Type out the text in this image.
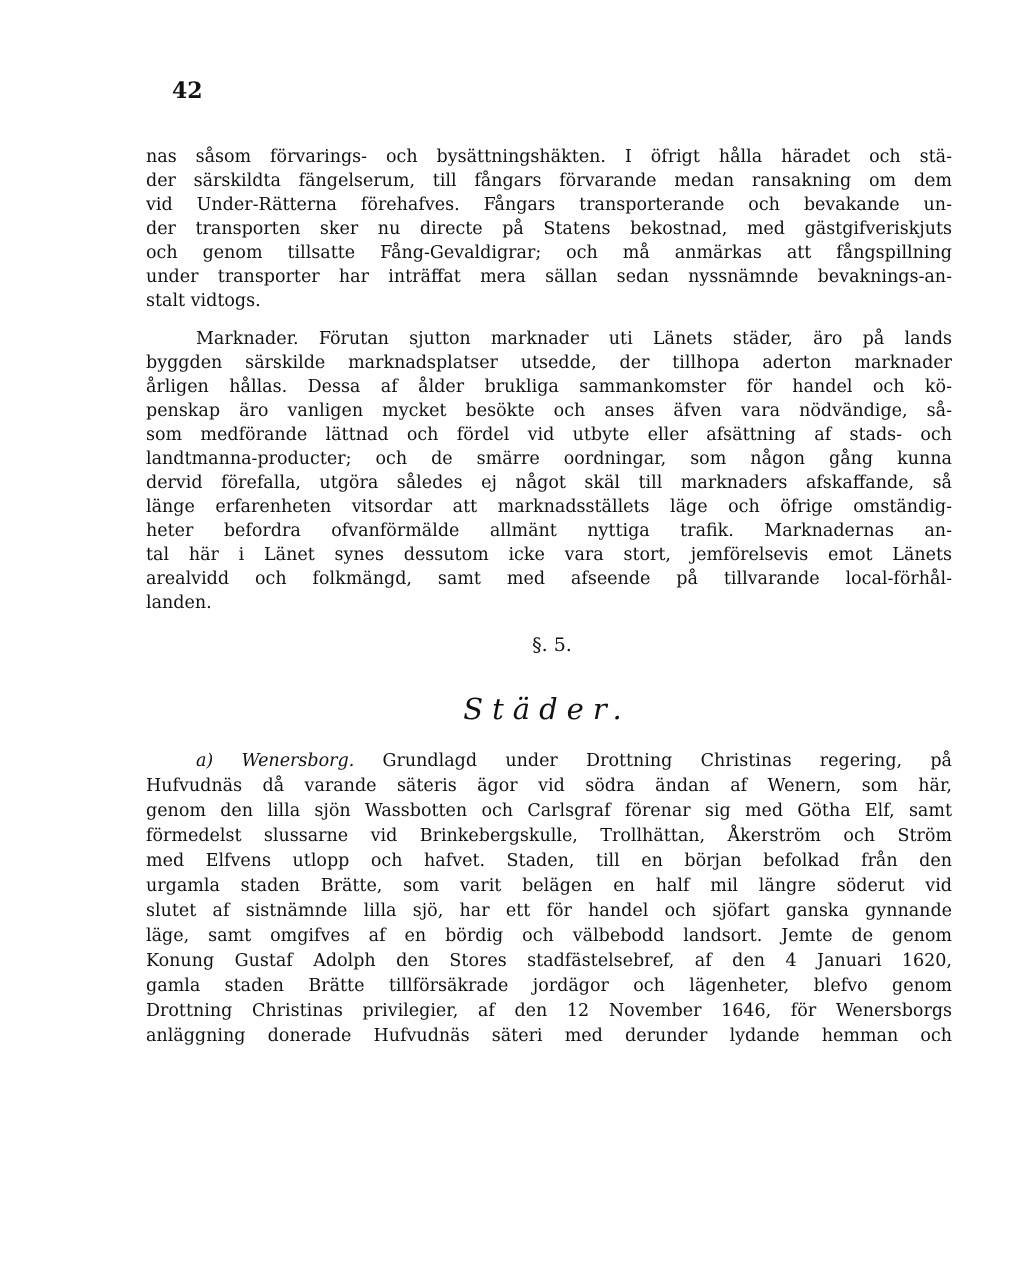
42
nas såsom förvarings- och bysättningshäkten. I öfrigt hålla häradet och stä-
der särskildta fängelserum, till fångars förvarande medan ransakning om dem
vid Under-Rätterna förehafves. Fångars transporterande och bevakande un-
der transporten sker nu directe på Statens bekostnad, med gästgifveriskjuts
och genom tillsatte Fång-Gevaldigrar; och må anmärkas att fångspillning
under transporter har inträffat mera sällan sedan nyssnämnde bevaknings-an-
stalt vidtogs.
Marknader. Förutan sjutton marknader uti Länets städer, äro på lands
byggden särskilde marknadsplatser utsedde, der tillhopa aderton marknader
årligen hållas. Dessa af ålder brukliga sammankomster för handel och kö-
penskap äro vanligen mycket besökte och anses äfven vara nödvändige, så-
som medförande lättnad och fördel vid utbyte eller afsättning af stads- och
landtmanna-producter; och de smärre oordningar, som någon gång kunna
dervid förefalla, utgöra således ej något skäl till marknaders afskaffande, så
länge erfarenheten vitsordar att marknadsställets läge och öfrige omständig-
heter befordra ofvanförmälde allmänt nyttiga trafik. Marknadernas an-
tal här i Länet synes dessutom icke vara stort, jemförelsevis emot Länets
arealvidd och folkmängd, samt med afseende på tillvarande local-förhål-
landen.
§. 5.
Städer.
a) Wenersborg. Grundlagd under Drottning Christinas regering, på
Hufvudnäs då varande säteris ägor vid södra ändan af Wenern, som här,
genom den lilla sjön Wassbotten och Carlsgraf förenar sig med Götha Elf, samt
förmedelst slussarne vid Brinkebergskulle, Trollhättan, Åkerström och Ström
med Elfvens utlopp och hafvet. Staden, till en början befolkad från den
urgamla staden Brätte, som varit belägen en half mil längre söderut vid
slutet af sistnämnde lilla sjö, har ett för handel och sjöfart ganska gynnande
läge, samt omgifves af en bördig och välbebodd landsort. Jemte de genom
Konung Gustaf Adolph den Stores stadfästelsebref, af den 4 Januari 1620,
gamla staden Brätte tillförsäkrade jordägor och lägenheter, blefvo genom
Drottning Christinas privilegier, af den 12 November 1646, för Wenersborgs
anläggning donerade Hufvudnäs säteri med derunder lydande hemman och
